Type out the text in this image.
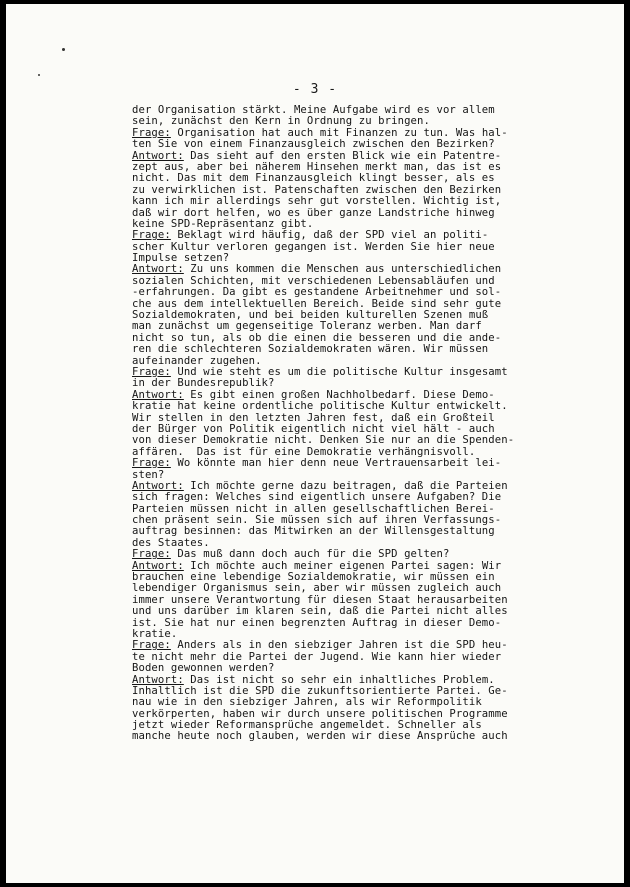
- 3 -
der Organisation stärkt. Meine Aufgabe wird es vor allem
sein, zunächst den Kern in Ordnung zu bringen.
Frage: Organisation hat auch mit Finanzen zu tun. Was hal-
ten Sie von einem Finanzausgleich zwischen den Bezirken?
Antwort: Das sieht auf den ersten Blick wie ein Patentre-
zept aus, aber bei näherem Hinsehen merkt man, das ist es
nicht. Das mit dem Finanzausgleich klingt besser, als es
zu verwirklichen ist. Patenschaften zwischen den Bezirken
kann ich mir allerdings sehr gut vorstellen. Wichtig ist,
daß wir dort helfen, wo es über ganze Landstriche hinweg
keine SPD-Repräsentanz gibt.
Frage: Beklagt wird häufig, daß der SPD viel an politi-
scher Kultur verloren gegangen ist. Werden Sie hier neue
Impulse setzen?
Antwort: Zu uns kommen die Menschen aus unterschiedlichen
sozialen Schichten, mit verschiedenen Lebensabläufen und
-erfahrungen. Da gibt es gestandene Arbeitnehmer und sol-
che aus dem intellektuellen Bereich. Beide sind sehr gute
Sozialdemokraten, und bei beiden kulturellen Szenen muß
man zunächst um gegenseitige Toleranz werben. Man darf
nicht so tun, als ob die einen die besseren und die ande-
ren die schlechteren Sozialdemokraten wären. Wir müssen
aufeinander zugehen.
Frage: Und wie steht es um die politische Kultur insgesamt
in der Bundesrepublik?
Antwort: Es gibt einen großen Nachholbedarf. Diese Demo-
kratie hat keine ordentliche politische Kultur entwickelt.
Wir stellen in den letzten Jahren fest, daß ein Großteil
der Bürger von Politik eigentlich nicht viel hält - auch
von dieser Demokratie nicht. Denken Sie nur an die Spenden-
affären.  Das ist für eine Demokratie verhängnisvoll.
Frage: Wo könnte man hier denn neue Vertrauensarbeit lei-
sten?
Antwort: Ich möchte gerne dazu beitragen, daß die Parteien
sich fragen: Welches sind eigentlich unsere Aufgaben? Die
Parteien müssen nicht in allen gesellschaftlichen Berei-
chen präsent sein. Sie müssen sich auf ihren Verfassungs-
auftrag besinnen: das Mitwirken an der Willensgestaltung
des Staates.
Frage: Das muß dann doch auch für die SPD gelten?
Antwort: Ich möchte auch meiner eigenen Partei sagen: Wir
brauchen eine lebendige Sozialdemokratie, wir müssen ein
lebendiger Organismus sein, aber wir müssen zugleich auch
immer unsere Verantwortung für diesen Staat herausarbeiten
und uns darüber im klaren sein, daß die Partei nicht alles
ist. Sie hat nur einen begrenzten Auftrag in dieser Demo-
kratie.
Frage: Anders als in den siebziger Jahren ist die SPD heu-
te nicht mehr die Partei der Jugend. Wie kann hier wieder
Boden gewonnen werden?
Antwort: Das ist nicht so sehr ein inhaltliches Problem.
Inhaltlich ist die SPD die zukunftsorientierte Partei. Ge-
nau wie in den siebziger Jahren, als wir Reformpolitik
verkörperten, haben wir durch unsere politischen Programme
jetzt wieder Reformansprüche angemeldet. Schneller als
manche heute noch glauben, werden wir diese Ansprüche auch
